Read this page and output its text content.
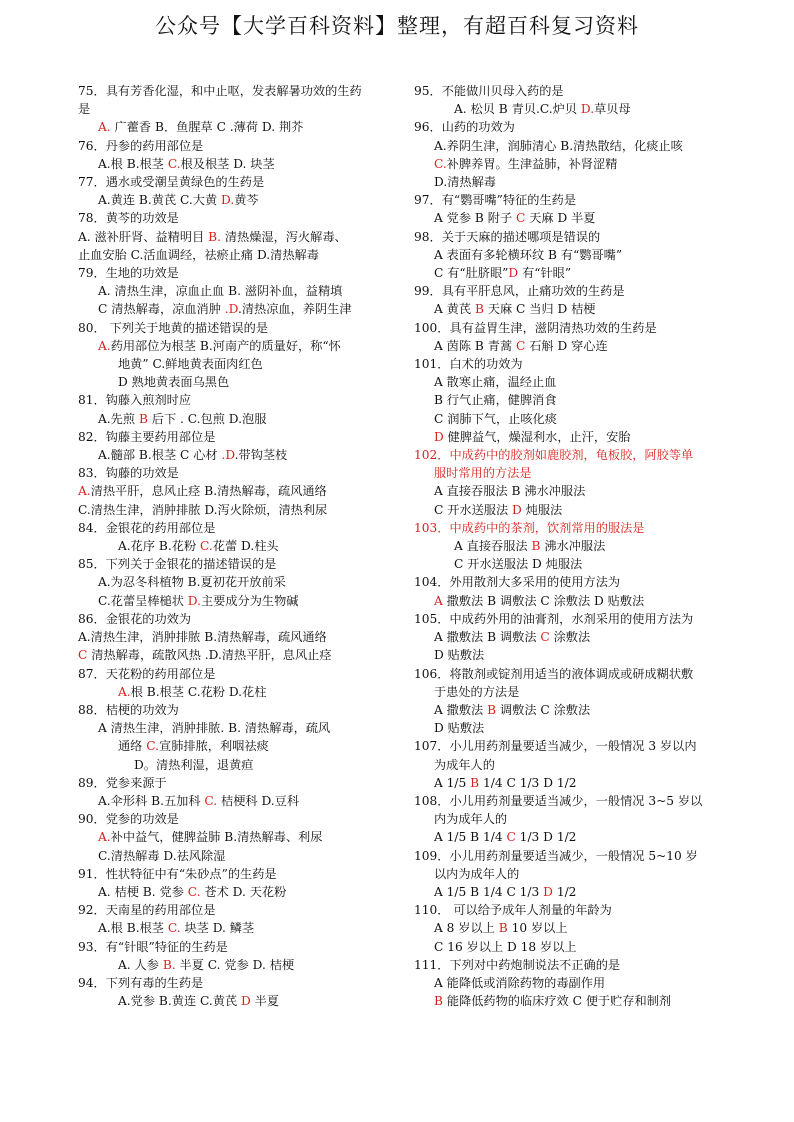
公众号【大学百科资料】整理，有超百科复习资料
75．具有芳香化湿，和中止呕，发表解暑功效的生药
是
A. 广藿香 B．鱼腥草 C .薄荷 D. 荆芥
76．丹参的药用部位是
A.根 B.根茎 C.根及根茎 D. 块茎
77．遇水或受潮呈黄绿色的生药是
A.黄连 B.黄芪 C.大黄 D.黄芩
78．黄芩的功效是
A. 滋补肝肾、益精明目 B. 清热燥湿，泻火解毒、
止血安胎 C.活血调经，祛瘀止痛 D.清热解毒
79．生地的功效是
A. 清热生津，凉血止血 B. 滋阴补血，益精填
C 清热解毒，凉血消肿 .D.清热凉血，养阴生津
80． 下列关于地黄的描述错误的是
A.药用部位为根茎 B.河南产的质量好，称“怀
地黄” C.鲜地黄表面肉红色
D 熟地黄表面乌黑色
81．钩藤入煎剂时应
A.先煎 B 后下 . C.包煎 D.泡服
82．钩藤主要药用部位是
A.髓部 B.根茎 C 心材 .D.带钩茎枝
83．钩藤的功效是
A.清热平肝，息风止痉 B.清热解毒，疏风通络
C.清热生津，消肿排脓 D.泻火除烦，清热利尿
84．金银花的药用部位是
A.花序 B.花粉 C.花蕾 D.柱头
85．下列关于金银花的描述错误的是
A.为忍冬科植物 B.夏初花开放前采
C.花蕾呈棒槌状 D.主要成分为生物碱
86．金银花的功效为
A.清热生津，消肿排脓 B.清热解毒，疏风通络
C 清热解毒，疏散风热 .D.清热平肝，息风止痉
87．天花粉的药用部位是
A.根 B.根茎 C.花粉 D.花柱
88．桔梗的功效为
A 清热生津，消肿排脓. B. 清热解毒，疏风
通络 C.宣肺排脓，利咽祛痰
D。清热利湿，退黄疸
89．党参来源于
A.伞形科 B.五加科 C. 桔梗科 D.豆科
90．党参的功效是
A.补中益气，健脾益肺 B.清热解毒、利尿
C.清热解毒 D.祛风除湿
91．性状特征中有“朱砂点”的生药是
A. 桔梗 B. 党参 C. 苍术 D. 天花粉
92．天南星的药用部位是
A.根 B.根茎 C. 块茎 D. 鳞茎
93．有“针眼”特征的生药是
A. 人参 B. 半夏 C. 党参 D. 桔梗
94．下列有毒的生药是
A.党参 B.黄连 C.黄芪 D 半夏
95．不能做川贝母入药的是
A. 松贝 B 青贝.C.炉贝 D.草贝母
96．山药的功效为
A.养阴生津，润肺清心 B.清热散结，化痰止咳
C.补脾养胃。生津益肺，补肾涩精
D.清热解毒
97．有“鹦哥嘴”特征的生药是
A 党参 B 附子 C 天麻 D 半夏
98．关于天麻的描述哪项是错误的
A 表面有多轮横环纹 B 有“鹦哥嘴”
C 有“肚脐眼”D 有“针眼”
99．具有平肝息风，止痛功效的生药是
A 黄芪 B 天麻 C 当归 D 桔梗
100．具有益胃生津，滋阴清热功效的生药是
A 茵陈 B 青蒿 C 石斛 D 穿心连
101．白术的功效为
A 散寒止痛，温经止血
B 行气止痛，健脾消食
C 润肺下气，止咳化痰
D 健脾益气，燥湿利水，止汗，安胎
102．中成药中的胶剂如鹿胶剂，龟板胶，阿胶等单
服时常用的方法是
A 直接吞服法 B 沸水冲服法
C 开水送服法 D 炖服法
103．中成药中的茶剂，饮剂常用的服法是
A 直接吞服法 B 沸水冲服法
C 开水送服法 D 炖服法
104．外用散剂大多采用的使用方法为
A 撒敷法 B 调敷法 C 涂敷法 D 贴敷法
105．中成药外用的油膏剂，水剂采用的使用方法为
A 撒敷法 B 调敷法 C 涂敷法
D 贴敷法
106．将散剂或锭剂用适当的液体调成或研成糊状敷
于患处的方法是
A 撒敷法 B 调敷法 C 涂敷法
D 贴敷法
107．小儿用药剂量要适当减少，一般情况 3 岁以内
为成年人的
A 1/5 B 1/4 C 1/3 D 1/2
108．小儿用药剂量要适当减少，一般情况 3~5 岁以
内为成年人的
A 1/5 B 1/4 C 1/3 D 1/2
109．小儿用药剂量要适当减少，一般情况 5~10 岁
以内为成年人的
A 1/5 B 1/4 C 1/3 D 1/2
110． 可以给予成年人剂量的年龄为
A 8 岁以上 B 10 岁以上
C 16 岁以上 D 18 岁以上
111．下列对中药炮制说法不正确的是
A 能降低或消除药物的毒副作用
B 能降低药物的临床疗效 C 便于贮存和制剂
